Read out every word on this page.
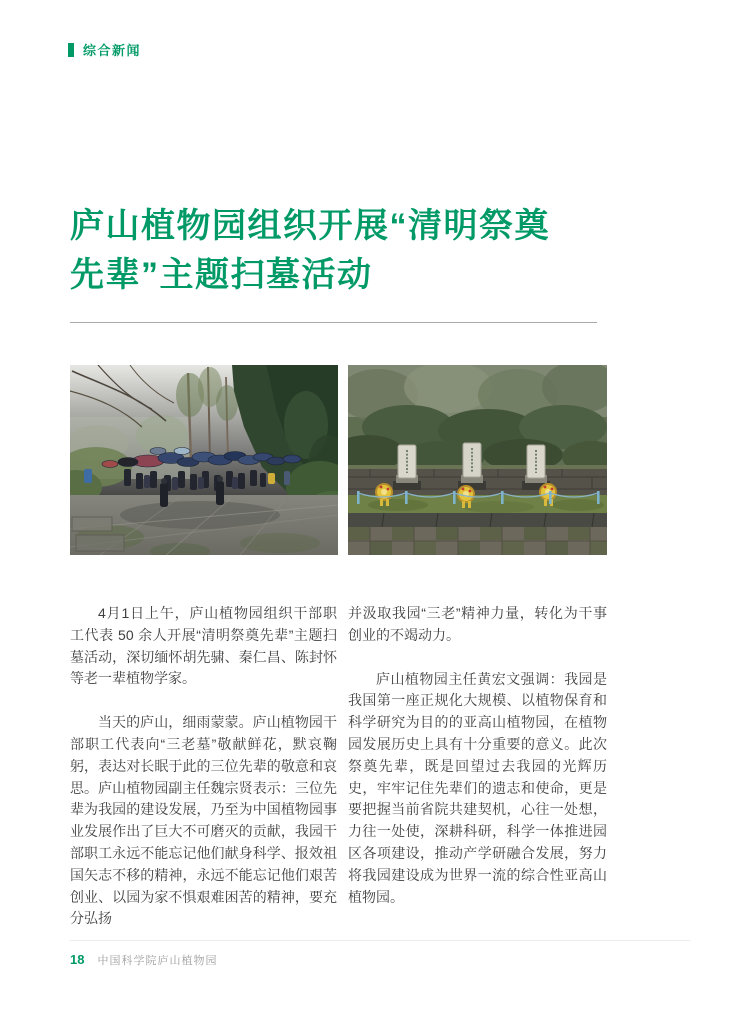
综合新闻
庐山植物园组织开展“清明祭奠
先辈”主题扫墓活动

4月1日上午，庐山植物园组织干部职工代表 50 余人开展“清明祭奠先辈”主题扫墓活动，深切缅怀胡先骕、秦仁昌、陈封怀等老一辈植物学家。

当天的庐山，细雨蒙蒙。庐山植物园干部职工代表向“三老墓”敬献鲜花，默哀鞠躬，表达对长眠于此的三位先辈的敬意和哀思。庐山植物园副主任魏宗贤表示：三位先辈为我园的建设发展，乃至为中国植物园事业发展作出了巨大不可磨灭的贡献，我园干部职工永远不能忘记他们献身科学、报效祖国矢志不移的精神，永远不能忘记他们艰苦创业、以园为家不惧艰难困苦的精神，要充分弘扬

并汲取我园“三老”精神力量，转化为干事创业的不竭动力。

庐山植物园主任黄宏文强调：我园是我国第一座正规化大规模、以植物保育和科学研究为目的的亚高山植物园，在植物园发展历史上具有十分重要的意义。此次祭奠先辈，既是回望过去我园的光辉历史，牢牢记住先辈们的遗志和使命，更是要把握当前省院共建契机，心往一处想，力往一处使，深耕科研，科学一体推进园区各项建设，推动产学研融合发展，努力将我园建设成为世界一流的综合性亚高山植物园。

18 中国科学院庐山植物园
